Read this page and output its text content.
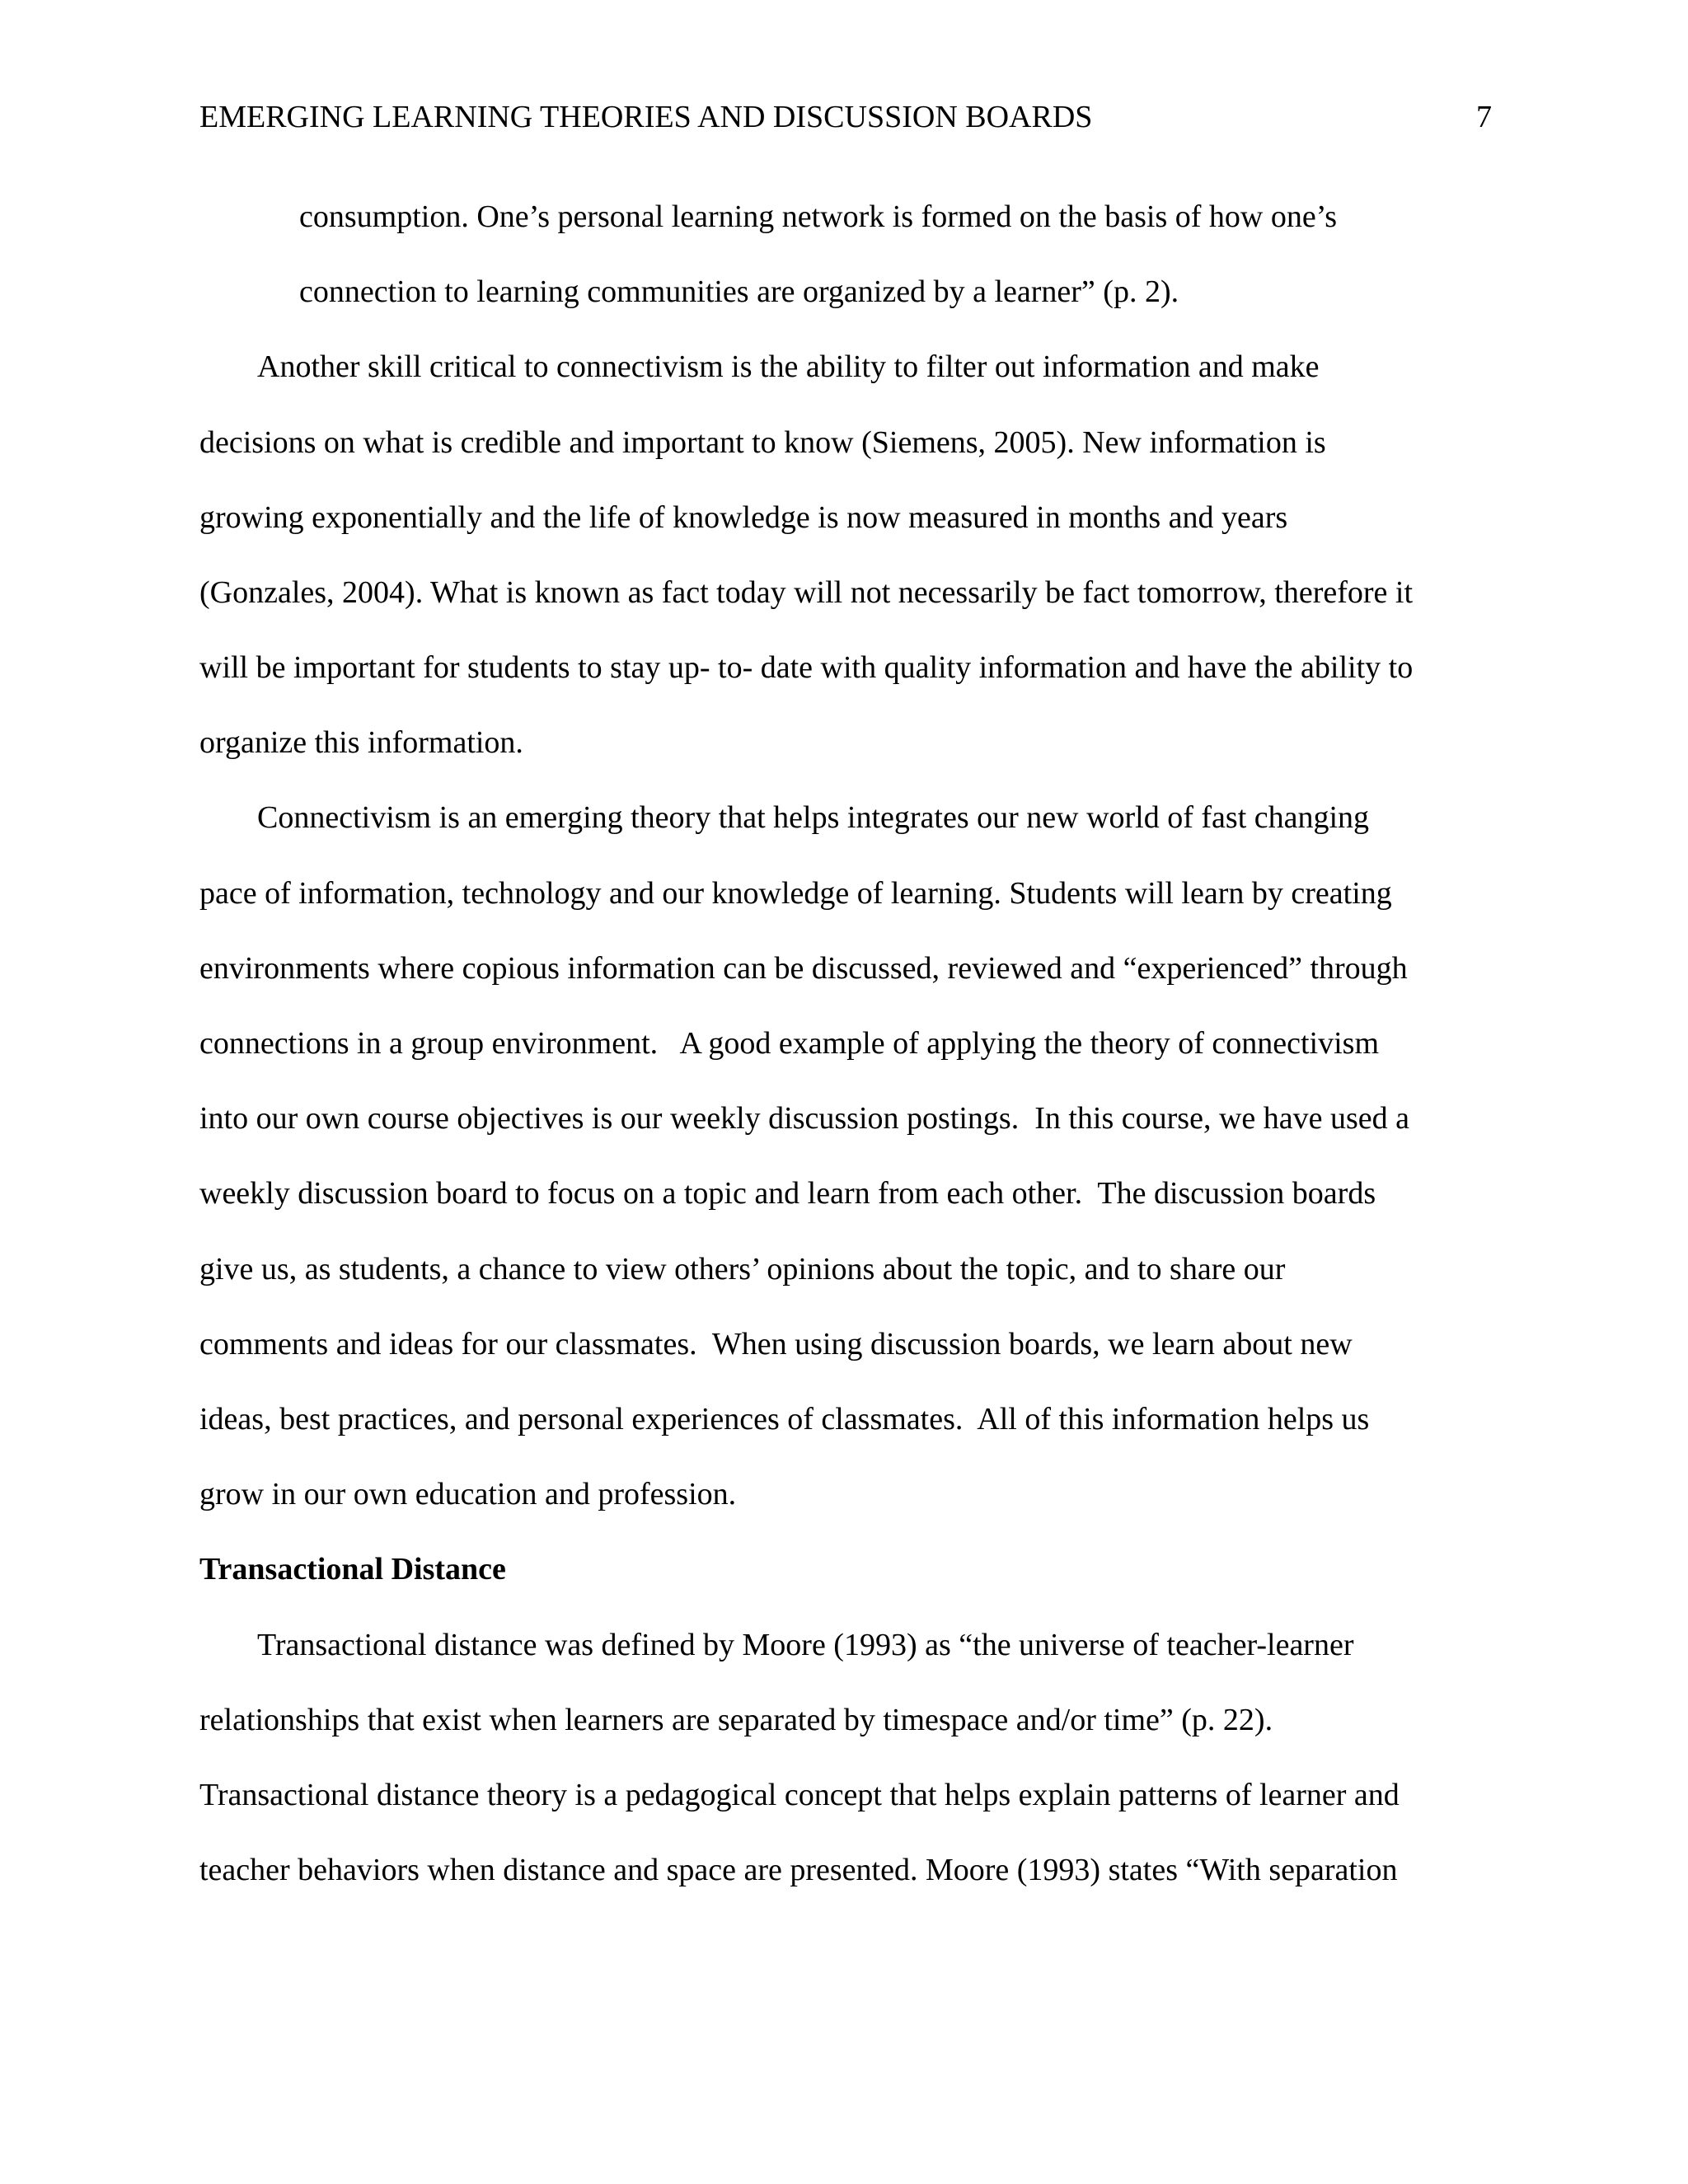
EMERGING LEARNING THEORIES AND DISCUSSION BOARDS	7
consumption. One’s personal learning network is formed on the basis of how one’s
connection to learning communities are organized by a learner” (p. 2).
Another skill critical to connectivism is the ability to filter out information and make
decisions on what is credible and important to know (Siemens, 2005). New information is
growing exponentially and the life of knowledge is now measured in months and years
(Gonzales, 2004). What is known as fact today will not necessarily be fact tomorrow, therefore it
will be important for students to stay up- to- date with quality information and have the ability to
organize this information.
Connectivism is an emerging theory that helps integrates our new world of fast changing
pace of information, technology and our knowledge of learning. Students will learn by creating
environments where copious information can be discussed, reviewed and “experienced” through
connections in a group environment.   A good example of applying the theory of connectivism
into our own course objectives is our weekly discussion postings.  In this course, we have used a
weekly discussion board to focus on a topic and learn from each other.  The discussion boards
give us, as students, a chance to view others’ opinions about the topic, and to share our
comments and ideas for our classmates.  When using discussion boards, we learn about new
ideas, best practices, and personal experiences of classmates.  All of this information helps us
grow in our own education and profession.
Transactional Distance
Transactional distance was defined by Moore (1993) as “the universe of teacher-learner
relationships that exist when learners are separated by timespace and/or time” (p. 22).
Transactional distance theory is a pedagogical concept that helps explain patterns of learner and
teacher behaviors when distance and space are presented. Moore (1993) states “With separation
